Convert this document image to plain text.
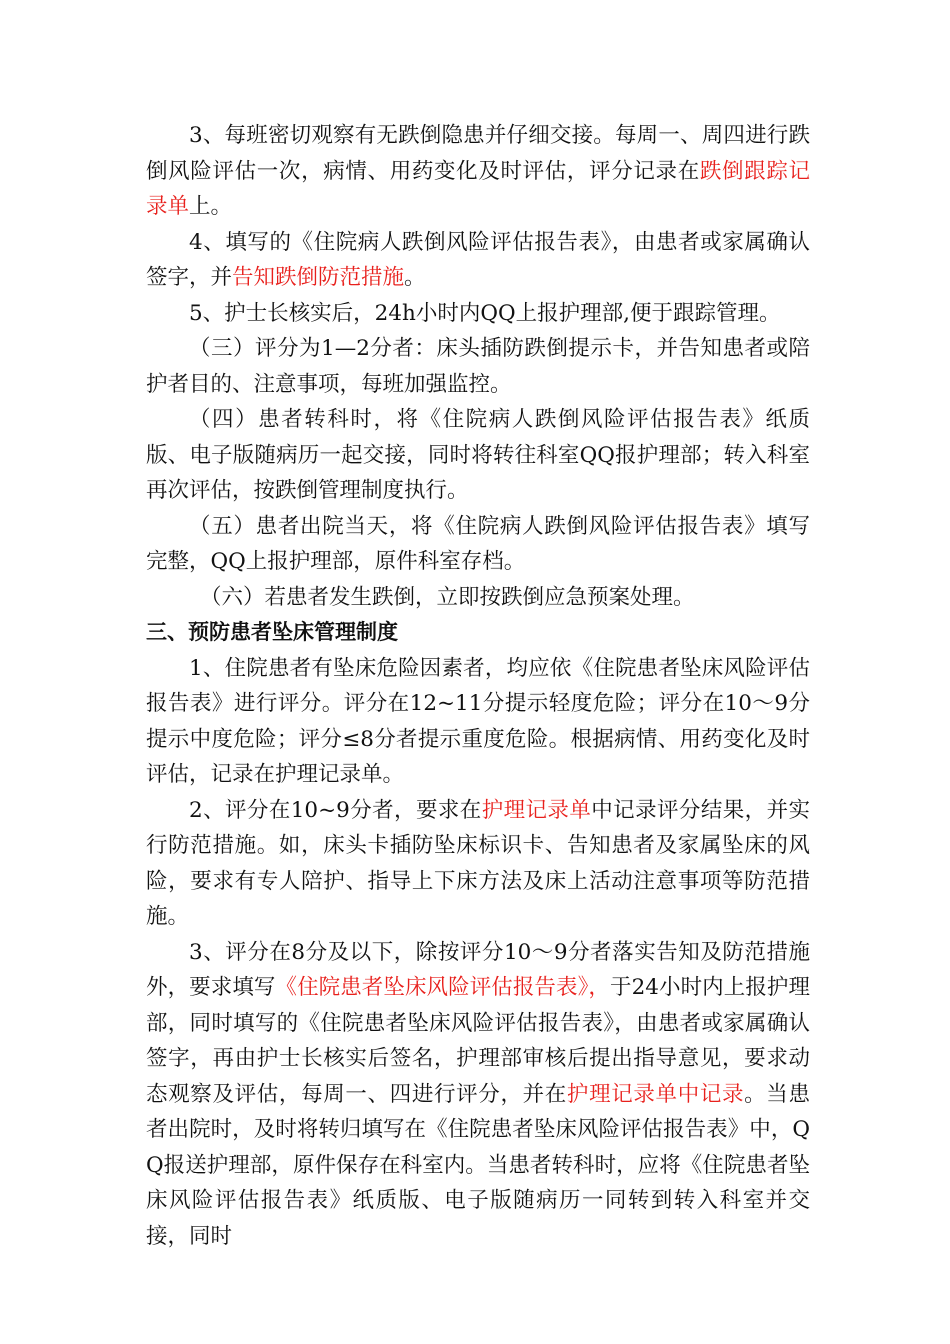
3、每班密切观察有无跌倒隐患并仔细交接。每周一、周四进行跌倒风险评估一次，病情、用药变化及时评估，评分记录在跌倒跟踪记录单上。

4、填写的《住院病人跌倒风险评估报告表》，由患者或家属确认签字，并告知跌倒防范措施。

5、护士长核实后，24h小时内QQ上报护理部,便于跟踪管理。

（三）评分为1—2分者：床头插防跌倒提示卡，并告知患者或陪护者目的、注意事项，每班加强监控。

（四）患者转科时，将《住院病人跌倒风险评估报告表》纸质版、电子版随病历一起交接，同时将转往科室QQ报护理部；转入科室再次评估，按跌倒管理制度执行。

（五）患者出院当天，将《住院病人跌倒风险评估报告表》填写完整，QQ上报护理部，原件科室存档。

（六）若患者发生跌倒，立即按跌倒应急预案处理。

三、预防患者坠床管理制度

1、住院患者有坠床危险因素者，均应依《住院患者坠床风险评估报告表》进行评分。评分在12~11分提示轻度危险；评分在10～9分提示中度危险；评分≤8分者提示重度危险。根据病情、用药变化及时评估，记录在护理记录单。

2、评分在10~9分者，要求在护理记录单中记录评分结果，并实行防范措施。如，床头卡插防坠床标识卡、告知患者及家属坠床的风险，要求有专人陪护、指导上下床方法及床上活动注意事项等防范措施。

3、评分在8分及以下，除按评分10～9分者落实告知及防范措施外，要求填写《住院患者坠床风险评估报告表》，于24小时内上报护理部，同时填写的《住院患者坠床风险评估报告表》，由患者或家属确认签字，再由护士长核实后签名，护理部审核后提出指导意见，要求动态观察及评估，每周一、四进行评分，并在护理记录单中记录。当患者出院时，及时将转归填写在《住院患者坠床风险评估报告表》中，QQ报送护理部，原件保存在科室内。当患者转科时，应将《住院患者坠床风险评估报告表》纸质版、电子版随病历一同转到转入科室并交接，同时
